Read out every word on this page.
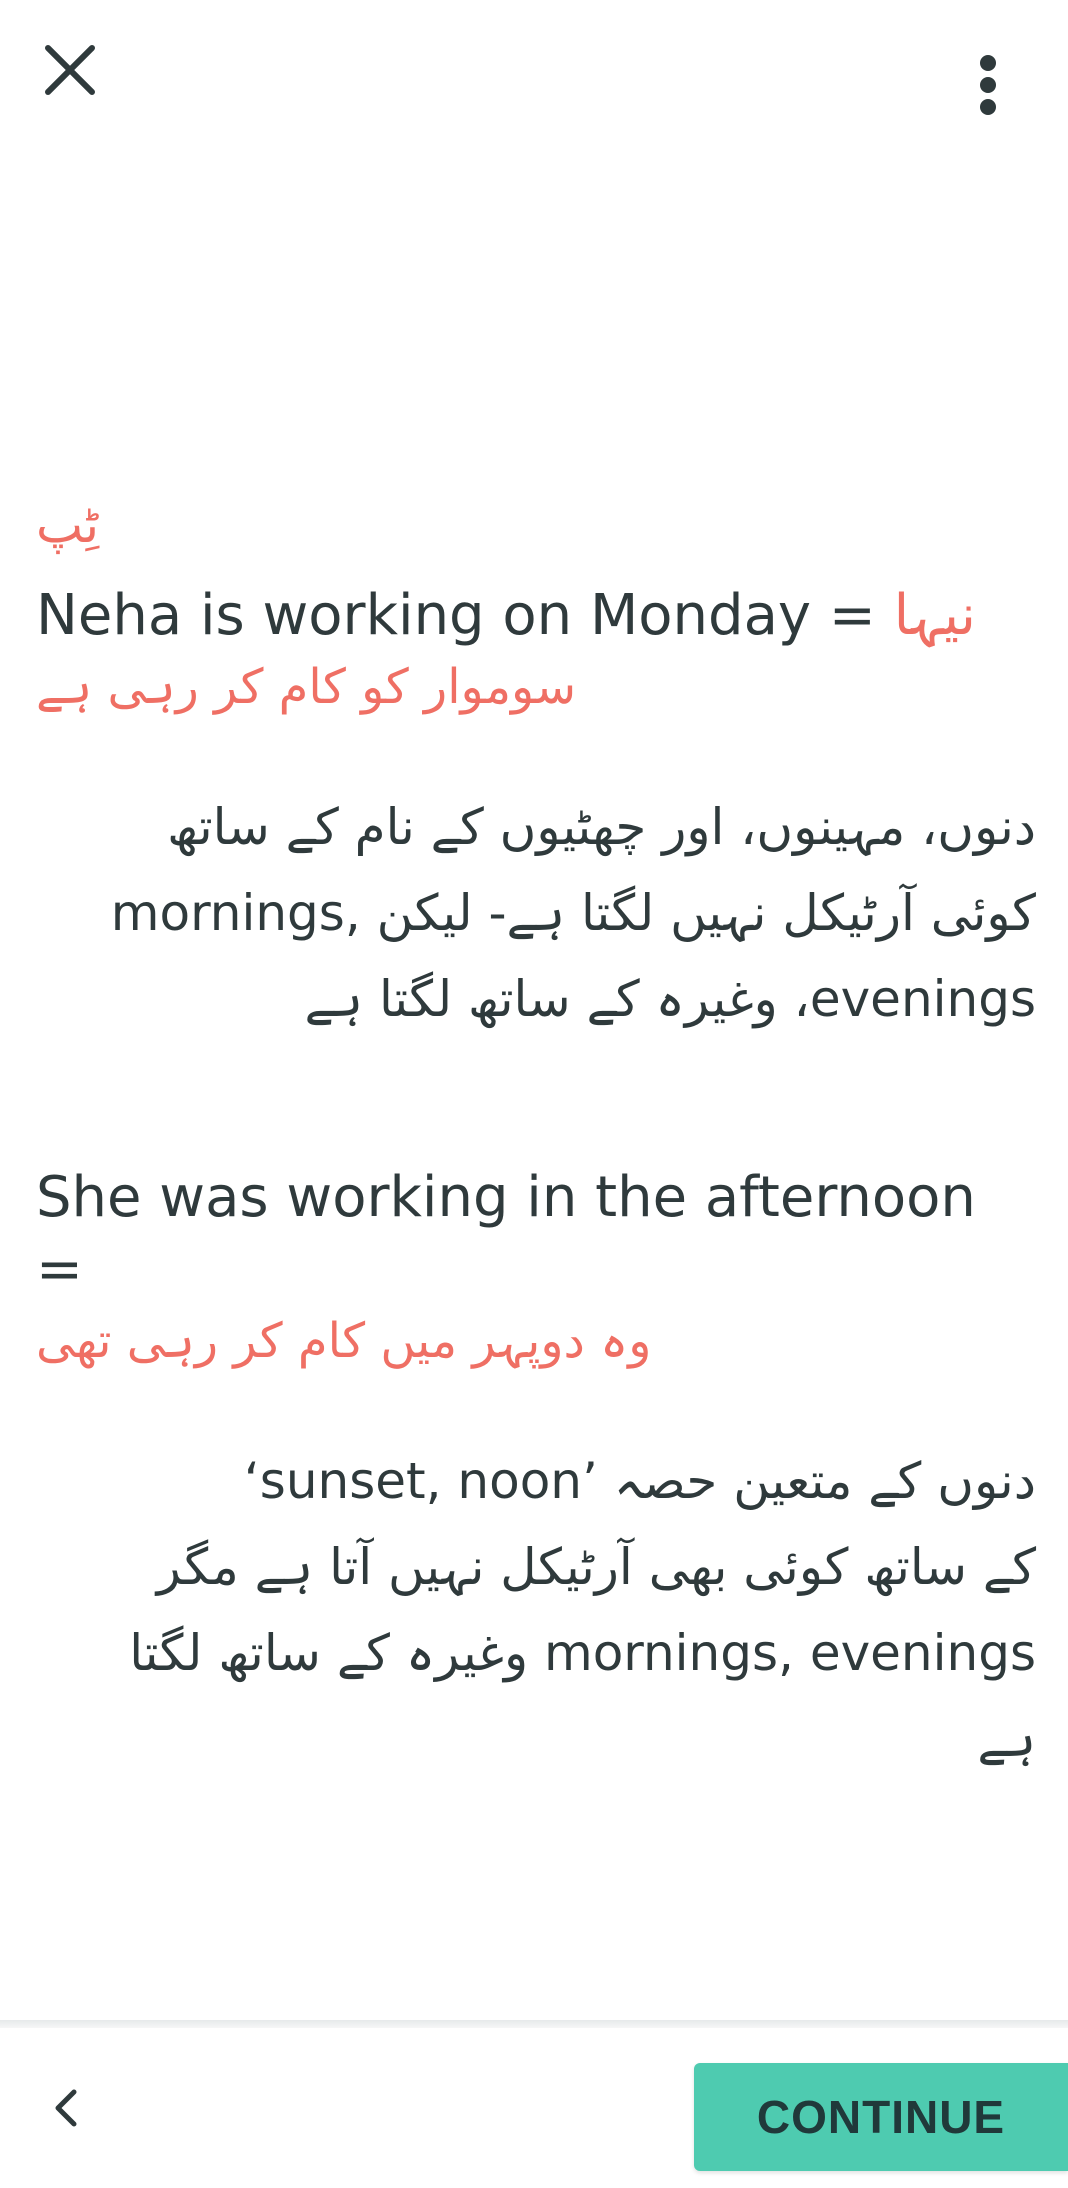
ٹِپ
Neha is working on Monday = نیہا
سوموار کو کام کر رہی ہے
دنوں، مہینوں، اور چھٹیوں کے نام کے ساتھ
کوئی آرٹیکل نہیں لگتا ہے- لیکن ,mornings
evenings، وغیرہ کے ساتھ لگتا ہے
She was working in the afternoon =
وہ دوپہر میں کام کر رہی تھی
دنوں کے متعین حصہ ’sunset, noon‘
کے ساتھ کوئی بھی آرٹیکل نہیں آتا ہے مگر
mornings, evenings وغیرہ کے ساتھ لگتا
ہے
CONTINUE
